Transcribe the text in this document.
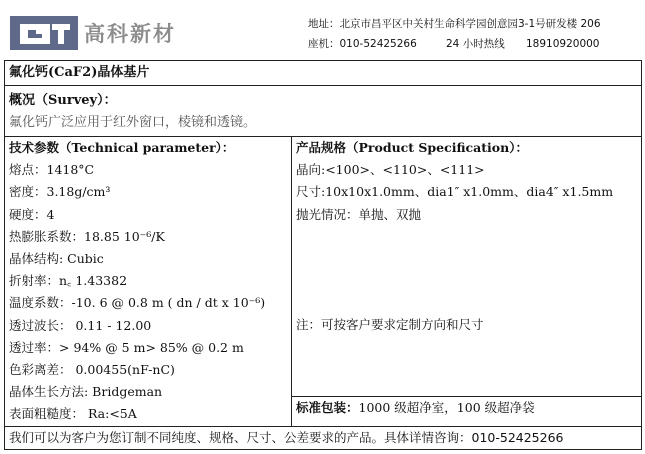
高科新材	地址：北京市昌平区中关村生命科学园创意园3-1号研发楼 206
座机：010-52425266	24 小时热线 18910920000
氟化钙(CaF2)晶体基片

概况（Survey）：
氟化钙广泛应用于红外窗口，棱镜和透镜。

技术参数（Technical parameter）：
熔点：1418°C
密度：3.18g/cm³
硬度：4
热膨胀系数：18.85 10⁻⁶/K
晶体结构: Cubic
折射率：n꜀ 1.43382
温度系数：-10. 6 @ 0.8 m ( dn / dt x 10⁻⁶)
透过波长： 0.11 - 12.00
透过率：> 94% @ 5 m> 85% @ 0.2 m
色彩离差： 0.00455(nF-nC)
晶体生长方法: Bridgeman
表面粗糙度： Ra:<5A

产品规格（Product Specification）：
晶向:<100>、<110>、<111>
尺寸:10x10x1.0mm、dia1″ x1.0mm、dia4″ x1.5mm
抛光情况：单抛、双抛
注：可按客户要求定制方向和尺寸

标准包装：1000 级超净室，100 级超净袋

我们可以为客户为您订制不同纯度、规格、尺寸、公差要求的产品。具体详情咨询：010-52425266
